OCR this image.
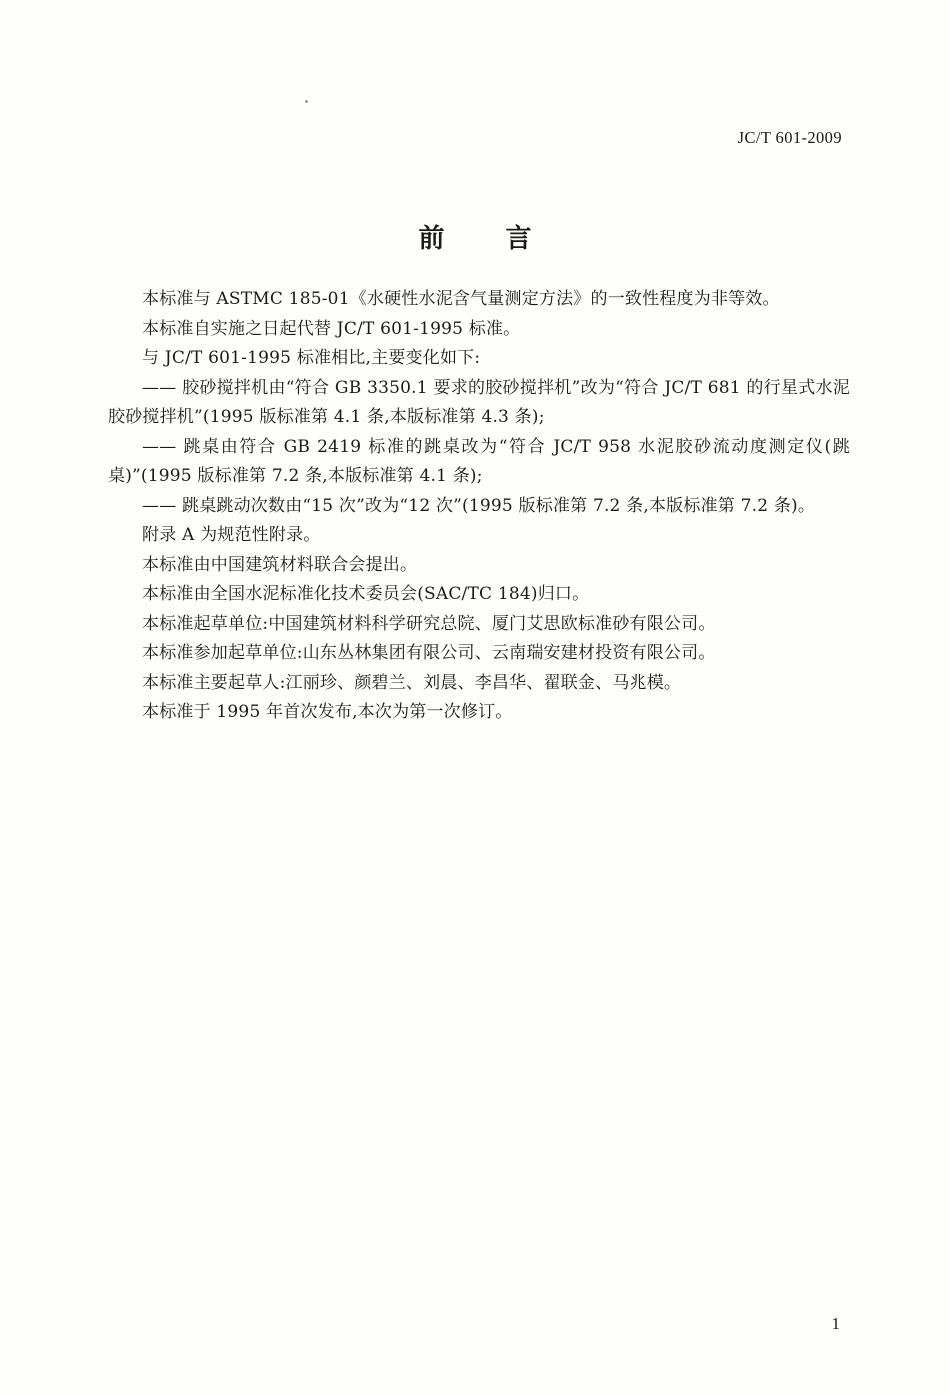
JC/T 601-2009
前 言

本标准与 ASTMC 185-01《水硬性水泥含气量测定方法》的一致性程度为非等效。

本标准自实施之日起代替 JC/T 601-1995 标准。

与 JC/T 601-1995 标准相比,主要变化如下:

—— 胶砂搅拌机由“符合 GB 3350.1 要求的胶砂搅拌机”改为“符合 JC/T 681 的行星式水泥胶砂搅拌机”(1995 版标准第 4.1 条,本版标准第 4.3 条);

—— 跳桌由符合 GB 2419 标准的跳桌改为“符合 JC/T 958 水泥胶砂流动度测定仪(跳桌)”(1995 版标准第 7.2 条,本版标准第 4.1 条);

—— 跳桌跳动次数由“15 次”改为“12 次”(1995 版标准第 7.2 条,本版标准第 7.2 条)。

附录 A 为规范性附录。

本标准由中国建筑材料联合会提出。

本标准由全国水泥标准化技术委员会(SAC/TC 184)归口。

本标准起草单位:中国建筑材料科学研究总院、厦门艾思欧标准砂有限公司。

本标准参加起草单位:山东丛林集团有限公司、云南瑞安建材投资有限公司。

本标准主要起草人:江丽珍、颜碧兰、刘晨、李昌华、翟联金、马兆模。

本标准于 1995 年首次发布,本次为第一次修订。

1
